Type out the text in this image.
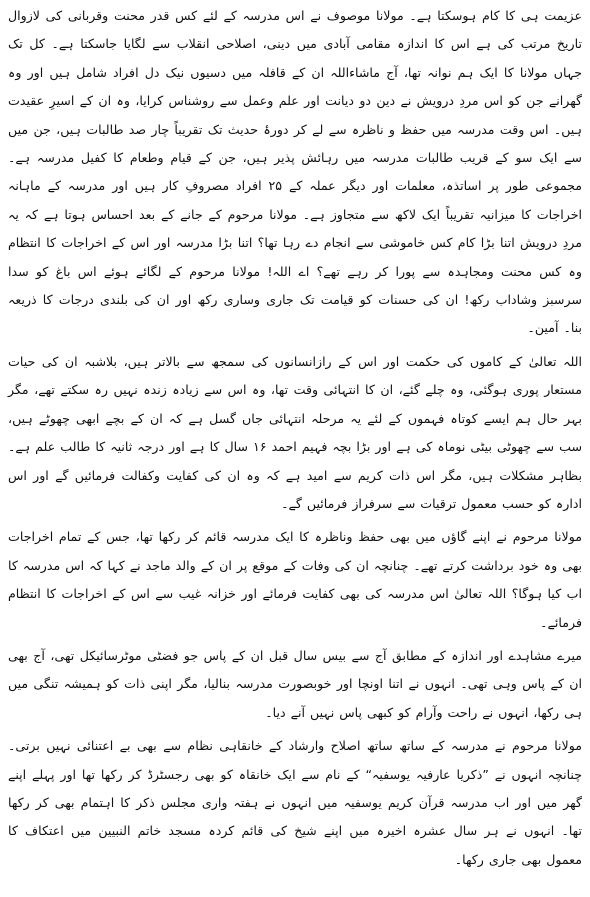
عزیمت ہی کا کام ہوسکتا ہے۔ مولانا موصوف نے اس مدرسہ کے لئے کس قدر محنت وقربانی کی لازوال تاریخ مرتب کی ہے اس کا اندازہ مقامی آبادی میں دینی، اصلاحی انقلاب سے لگایا جاسکتا ہے۔ کل تک جہاں مولانا کا ایک ہم نوانہ تھا، آج ماشاءاللہ ان کے قافلہ میں دسیوں نیک دل افراد شامل ہیں اور وہ گھرانے جن کو اس مردِ درویش نے دین دو دیانت اور علم وعمل سے روشناس کرایا، وہ ان کے اسیرِ عقیدت ہیں۔ اس وقت مدرسہ میں حفظ و ناظرہ سے لے کر دورۂ حدیث تک تقریباً چار صد طالبات ہیں، جن میں سے ایک سو کے قریب طالبات مدرسہ میں رہائش پذیر ہیں، جن کے قیام وطعام کا کفیل مدرسہ ہے۔ مجموعی طور پر اساتذہ، معلمات اور دیگر عملہ کے ۲۵ افراد مصروفِ کار ہیں اور مدرسہ کے ماہانہ اخراجات کا میزانیہ تقریباً ایک لاکھ سے متجاوز ہے۔ مولانا مرحوم کے جانے کے بعد احساس ہوتا ہے کہ یہ مردِ درویش اتنا بڑا کام کس خاموشی سے انجام دے رہا تھا؟ اتنا بڑا مدرسہ اور اس کے اخراجات کا انتظام وہ کس محنت ومجاہدہ سے پورا کر رہے تھے؟ اے اللہ! مولانا مرحوم کے لگائے ہوئے اس باغ کو سدا سرسبز وشاداب رکھ! ان کی حسنات کو قیامت تک جاری وساری رکھ اور ان کی بلندی درجات کا ذریعہ بنا۔ آمین۔

اللہ تعالیٰ کے کاموں کی حکمت اور اس کے رازانسانوں کی سمجھ سے بالاتر ہیں، بلاشبہ ان کی حیات مستعار پوری ہوگئی، وہ چلے گئے، ان کا انتہائی وقت تھا، وہ اس سے زیادہ زندہ نہیں رہ سکتے تھے، مگر بہر حال ہم ایسے کوتاہ فہموں کے لئے یہ مرحلہ انتہائی جاں گسل ہے کہ ان کے بچے ابھی چھوٹے ہیں، سب سے چھوٹی بیٹی نوماہ کی ہے اور بڑا بچہ فہیم احمد ۱۶ سال کا ہے اور درجہ ثانیہ کا طالب علم ہے۔ بظاہر مشکلات ہیں، مگر اس ذات کریم سے امید ہے کہ وہ ان کی کفایت وکفالت فرمائیں گے اور اس ادارہ کو حسب معمول ترقیات سے سرفراز فرمائیں گے۔

مولانا مرحوم نے اپنے گاؤں میں بھی حفظ وناظرہ کا ایک مدرسہ قائم کر رکھا تھا، جس کے تمام اخراجات بھی وہ خود برداشت کرتے تھے۔ چنانچہ ان کی وفات کے موقع پر ان کے والد ماجد نے کہا کہ اس مدرسہ کا اب کیا ہوگا؟ اللہ تعالیٰ اس مدرسہ کی بھی کفایت فرمائے اور خزانہ غیب سے اس کے اخراجات کا انتظام فرمائے۔

میرے مشاہدے اور اندازہ کے مطابق آج سے بیس سال قبل ان کے پاس جو فضٹی موٹرسائیکل تھی، آج بھی ان کے پاس وہی تھی۔ انہوں نے اتنا اونچا اور خوبصورت مدرسہ بنالیا، مگر اپنی ذات کو ہمیشہ تنگی میں ہی رکھا، انہوں نے راحت وآرام کو کبھی پاس نہیں آنے دیا۔

مولانا مرحوم نے مدرسہ کے ساتھ ساتھ اصلاح وارشاد کے خانقاہی نظام سے بھی بے اعتنائی نہیں برتی۔ چنانچہ انہوں نے ”ذکریا عارفیہ یوسفیہ“ کے نام سے ایک خانقاہ کو بھی رجسٹرڈ کر رکھا تھا اور پہلے اپنے گھر میں اور اب مدرسہ قرآن کریم یوسفیہ میں انہوں نے ہفتہ واری مجلس ذکر کا اہتمام بھی کر رکھا تھا۔ انہوں نے ہر سال عشرہ اخیرہ میں اپنے شیخ کی قائم کردہ مسجد خاتم النبیین میں اعتکاف کا معمول بھی جاری رکھا۔
